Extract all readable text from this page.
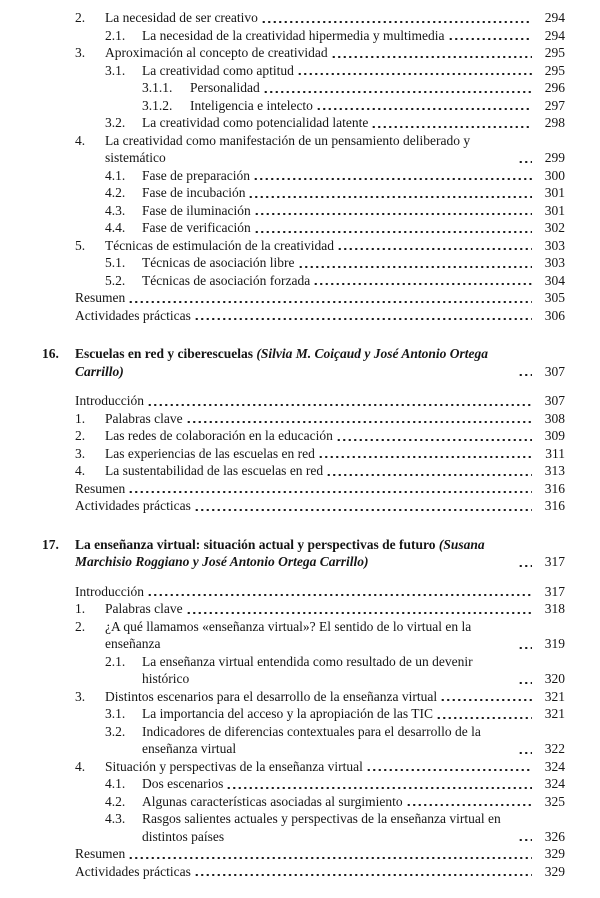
2.	La necesidad de ser creativo	294
2.1.	La necesidad de la creatividad hipermedia y multimedia	294
3.	Aproximación al concepto de creatividad	295
3.1.	La creatividad como aptitud	295
3.1.1.	Personalidad	296
3.1.2.	Inteligencia e intelecto	297
3.2.	La creatividad como potencialidad latente	298
4.	La creatividad como manifestación de un pensamiento deliberado y sistemático	299
4.1.	Fase de preparación	300
4.2.	Fase de incubación	301
4.3.	Fase de iluminación	301
4.4.	Fase de verificación	302
5.	Técnicas de estimulación de la creatividad	303
5.1.	Técnicas de asociación libre	303
5.2.	Técnicas de asociación forzada	304
Resumen	305
Actividades prácticas	306
16.	Escuelas en red y ciberescuelas (Silvia M. Coiçaud y José Antonio Ortega Carrillo)	307
Introducción	307
1.	Palabras clave	308
2.	Las redes de colaboración en la educación	309
3.	Las experiencias de las escuelas en red	311
4.	La sustentabilidad de las escuelas en red	313
Resumen	316
Actividades prácticas	316
17.	La enseñanza virtual: situación actual y perspectivas de futuro (Susana Marchisio Roggiano y José Antonio Ortega Carrillo)	317
Introducción	317
1.	Palabras clave	318
2.	¿A qué llamamos «enseñanza virtual»? El sentido de lo virtual en la enseñanza	319
2.1.	La enseñanza virtual entendida como resultado de un devenir histórico	320
3.	Distintos escenarios para el desarrollo de la enseñanza virtual	321
3.1.	La importancia del acceso y la apropiación de las TIC	321
3.2.	Indicadores de diferencias contextuales para el desarrollo de la enseñanza virtual	322
4.	Situación y perspectivas de la enseñanza virtual	324
4.1.	Dos escenarios	324
4.2.	Algunas características asociadas al surgimiento	325
4.3.	Rasgos salientes actuales y perspectivas de la enseñanza virtual en distintos países	326
Resumen	329
Actividades prácticas	329
